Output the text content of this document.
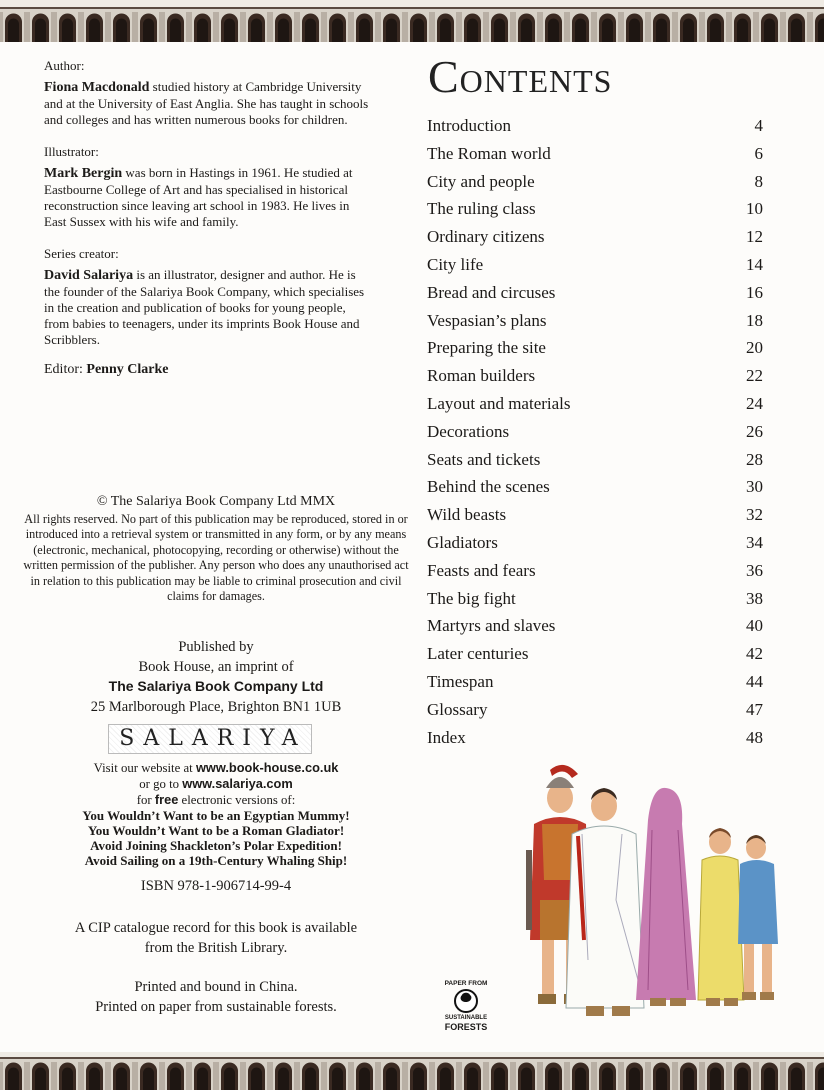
Author:
Fiona Macdonald studied history at Cambridge University and at the University of East Anglia. She has taught in schools and colleges and has written numerous books for children.
Illustrator:
Mark Bergin was born in Hastings in 1961. He studied at Eastbourne College of Art and has specialised in historical reconstruction since leaving art school in 1983. He lives in East Sussex with his wife and family.
Series creator:
David Salariya is an illustrator, designer and author. He is the founder of the Salariya Book Company, which specialises in the creation and publication of books for young people, from babies to teenagers, under its imprints Book House and Scribblers.
Editor: Penny Clarke
© The Salariya Book Company Ltd MMX
All rights reserved. No part of this publication may be reproduced, stored in or introduced into a retrieval system or transmitted in any form, or by any means (electronic, mechanical, photocopying, recording or otherwise) without the written permission of the publisher. Any person who does any unauthorised act in relation to this publication may be liable to criminal prosecution and civil claims for damages.
Published by
Book House, an imprint of
The Salariya Book Company Ltd
25 Marlborough Place, Brighton BN1 1UB
SALARIYA
Visit our website at www.book-house.co.uk
or go to www.salariya.com
for free electronic versions of:
You Wouldn’t Want to be an Egyptian Mummy!
You Wouldn’t Want to be a Roman Gladiator!
Avoid Joining Shackleton’s Polar Expedition!
Avoid Sailing on a 19th-Century Whaling Ship!
ISBN 978-1-906714-99-4
A CIP catalogue record for this book is available
from the British Library.
Printed and bound in China.
Printed on paper from sustainable forests.
Contents
Introduction	4
The Roman world	6
City and people	8
The ruling class	10
Ordinary citizens	12
City life	14
Bread and circuses	16
Vespasian’s plans	18
Preparing the site	20
Roman builders	22
Layout and materials	24
Decorations	26
Seats and tickets	28
Behind the scenes	30
Wild beasts	32
Gladiators	34
Feasts and fears	36
The big fight	38
Martyrs and slaves	40
Later centuries	42
Timespan	44
Glossary	47
Index	48
PAPER FROM
SUSTAINABLE
FORESTS
